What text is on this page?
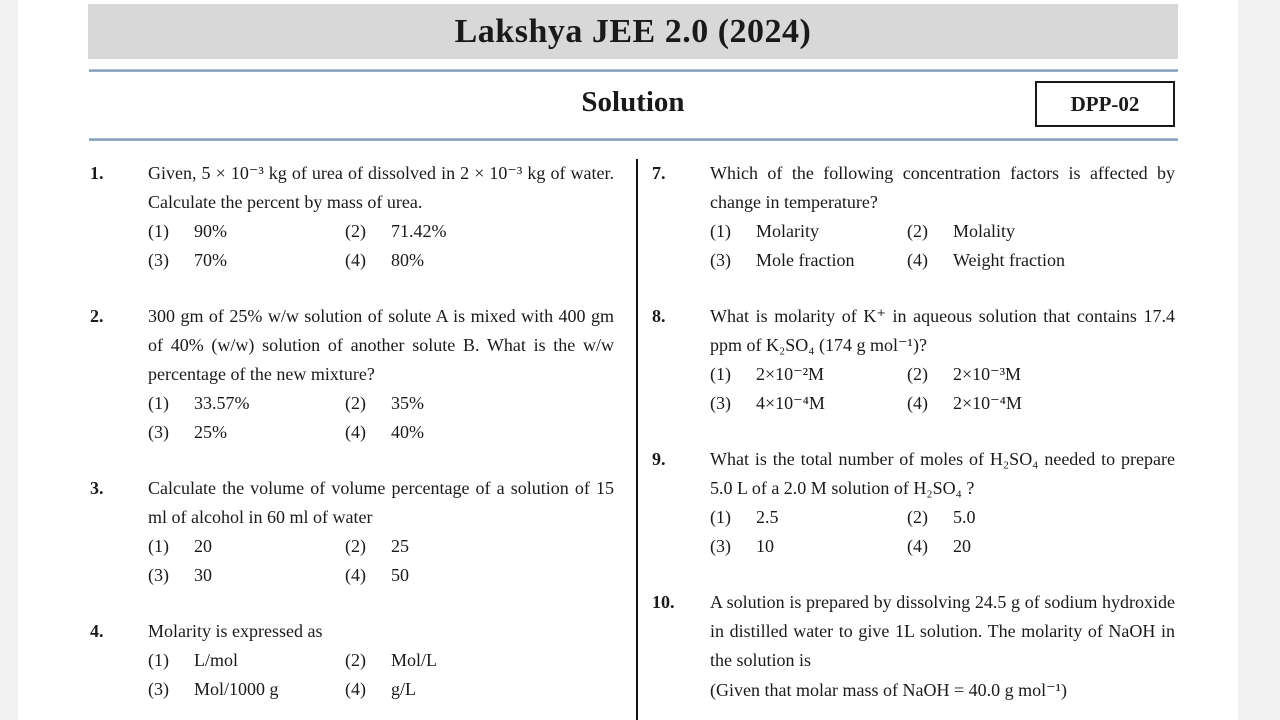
Lakshya JEE 2.0 (2024)
Solution	DPP-02
1.	Given, 5 × 10⁻³ kg of urea of dissolved in 2 × 10⁻³ kg of water. Calculate the percent by mass of urea.
(1)	90%	(2)	71.42%
(3)	70%	(4)	80%
2.	300 gm of 25% w/w solution of solute A is mixed with 400 gm of 40% (w/w) solution of another solute B. What is the w/w percentage of the new mixture?
(1)	33.57%	(2)	35%
(3)	25%	(4)	40%
3.	Calculate the volume of volume percentage of a solution of 15 ml of alcohol in 60 ml of water
(1)	20	(2)	25
(3)	30	(4)	50
4.	Molarity is expressed as
(1)	L/mol	(2)	Mol/L
(3)	Mol/1000 g	(4)	g/L
7.	Which of the following concentration factors is affected by change in temperature?
(1)	Molarity	(2)	Molality
(3)	Mole fraction	(4)	Weight fraction
8.	What is molarity of K⁺ in aqueous solution that contains 17.4 ppm of K₂SO₄ (174 g mol⁻¹)?
(1)	2×10⁻²M	(2)	2×10⁻³M
(3)	4×10⁻⁴M	(4)	2×10⁻⁴M
9.	What is the total number of moles of H₂SO₄ needed to prepare 5.0 L of a 2.0 M solution of H₂SO₄ ?
(1)	2.5	(2)	5.0
(3)	10	(4)	20
10.	A solution is prepared by dissolving 24.5 g of sodium hydroxide in distilled water to give 1L solution. The molarity of NaOH in the solution is
(Given that molar mass of NaOH = 40.0 g mol⁻¹)
